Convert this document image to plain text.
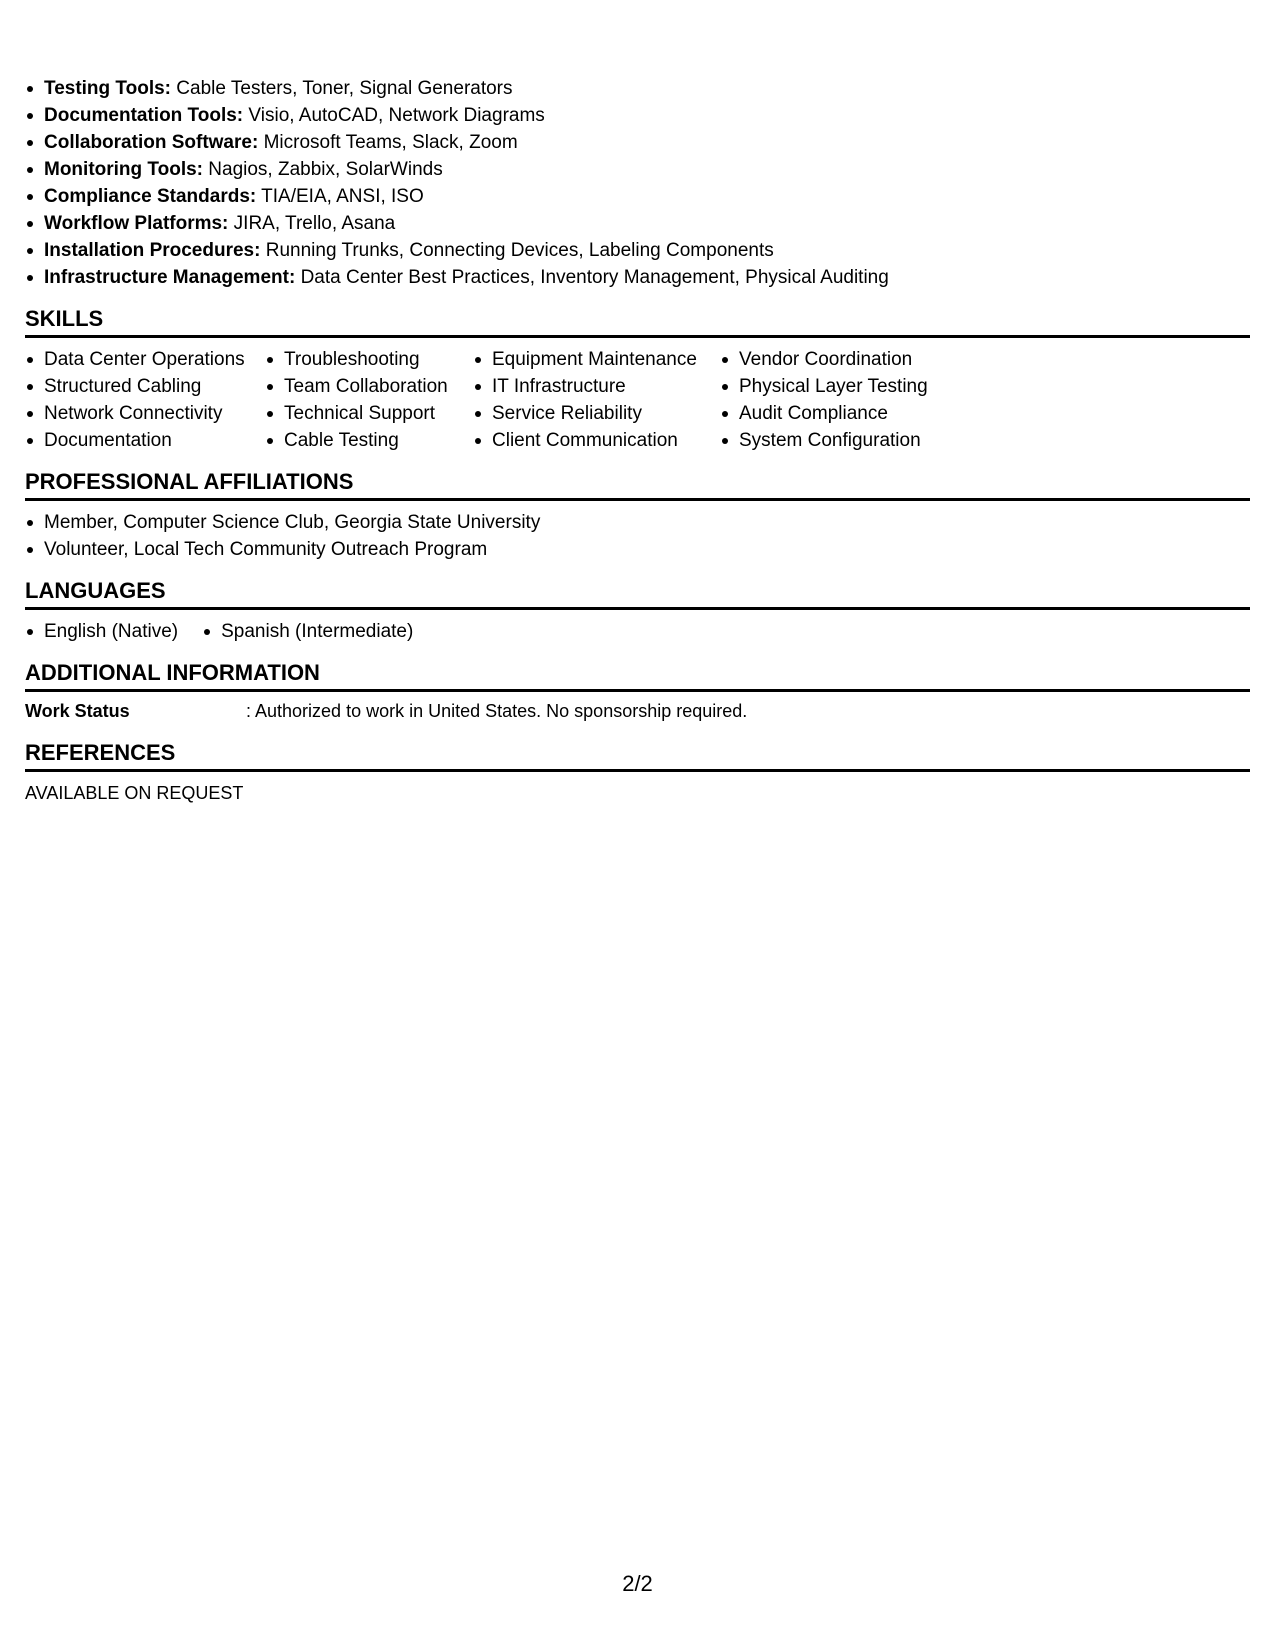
Testing Tools: Cable Testers, Toner, Signal Generators
Documentation Tools: Visio, AutoCAD, Network Diagrams
Collaboration Software: Microsoft Teams, Slack, Zoom
Monitoring Tools: Nagios, Zabbix, SolarWinds
Compliance Standards: TIA/EIA, ANSI, ISO
Workflow Platforms: JIRA, Trello, Asana
Installation Procedures: Running Trunks, Connecting Devices, Labeling Components
Infrastructure Management: Data Center Best Practices, Inventory Management, Physical Auditing
SKILLS
Data Center Operations
Structured Cabling
Network Connectivity
Documentation
Troubleshooting
Team Collaboration
Technical Support
Cable Testing
Equipment Maintenance
IT Infrastructure
Service Reliability
Client Communication
Vendor Coordination
Physical Layer Testing
Audit Compliance
System Configuration
PROFESSIONAL AFFILIATIONS
Member, Computer Science Club, Georgia State University
Volunteer, Local Tech Community Outreach Program
LANGUAGES
English (Native)	Spanish (Intermediate)
ADDITIONAL INFORMATION
Work Status	: Authorized to work in United States. No sponsorship required.
REFERENCES
AVAILABLE ON REQUEST
2/2
